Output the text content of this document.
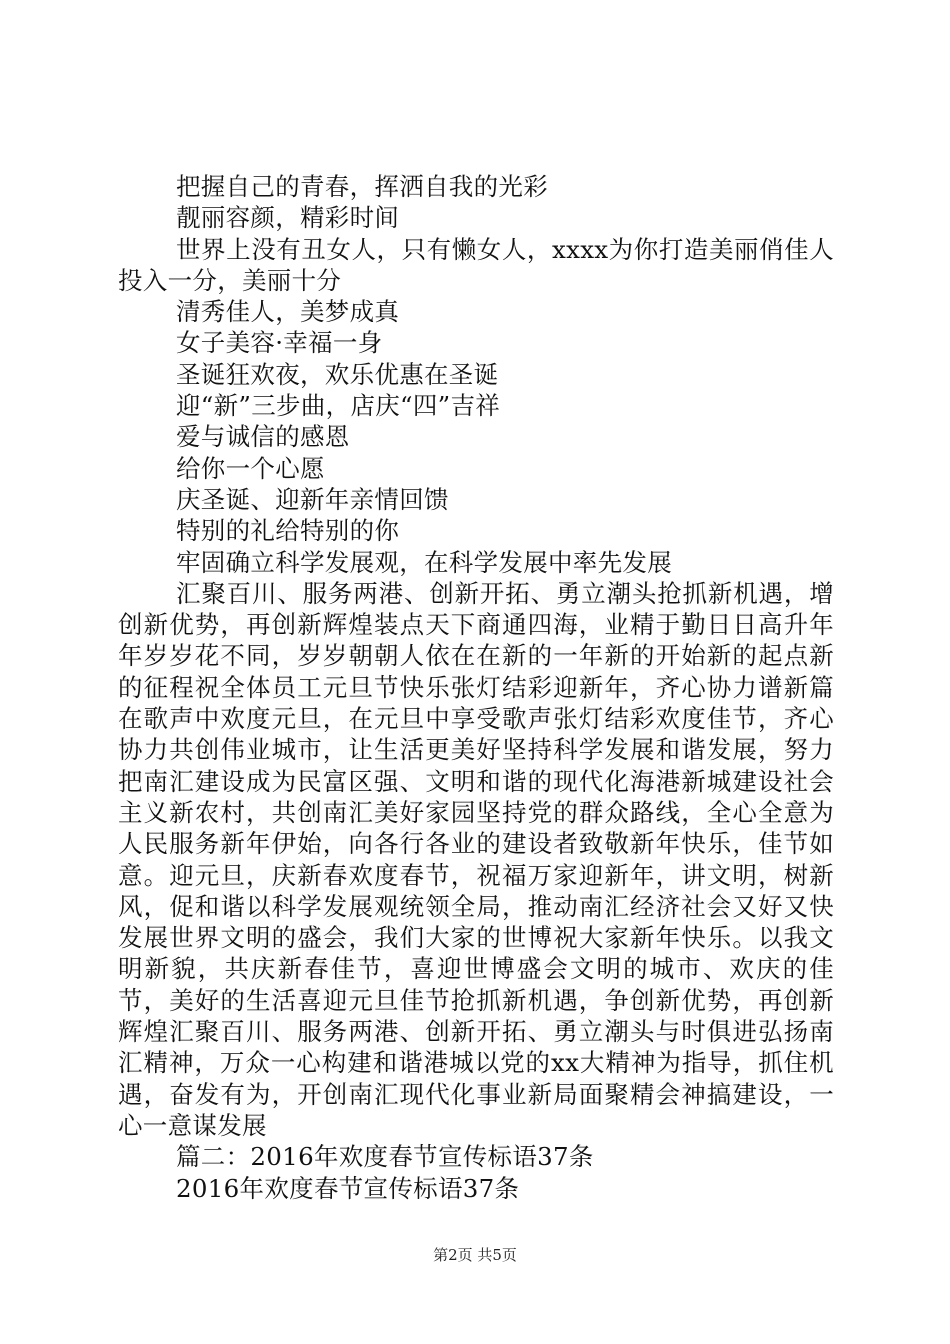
把握自己的青春，挥洒自我的光彩

靓丽容颜，精彩时间

世界上没有丑女人，只有懒女人，xxxx为你打造美丽俏佳人投入一分，美丽十分

清秀佳人，美梦成真

女子美容·幸福一身

圣诞狂欢夜，欢乐优惠在圣诞

迎“新”三步曲，店庆“四”吉祥

爱与诚信的感恩

给你一个心愿

庆圣诞、迎新年亲情回馈

特别的礼给特别的你

牢固确立科学发展观，在科学发展中率先发展

汇聚百川、服务两港、创新开拓、勇立潮头抢抓新机遇，增创新优势，再创新辉煌装点天下商通四海，业精于勤日日高升年年岁岁花不同，岁岁朝朝人依在在新的一年新的开始新的起点新的征程祝全体员工元旦节快乐张灯结彩迎新年，齐心协力谱新篇在歌声中欢度元旦，在元旦中享受歌声张灯结彩欢度佳节，齐心协力共创伟业城市，让生活更美好坚持科学发展和谐发展，努力把南汇建设成为民富区强、文明和谐的现代化海港新城建设社会主义新农村，共创南汇美好家园坚持党的群众路线，全心全意为人民服务新年伊始，向各行各业的建设者致敬新年快乐，佳节如意。迎元旦，庆新春欢度春节，祝福万家迎新年，讲文明，树新风，促和谐以科学发展观统领全局，推动南汇经济社会又好又快发展世界文明的盛会，我们大家的世博祝大家新年快乐。以我文明新貌，共庆新春佳节，喜迎世博盛会文明的城市、欢庆的佳节，美好的生活喜迎元旦佳节抢抓新机遇，争创新优势，再创新辉煌汇聚百川、服务两港、创新开拓、勇立潮头与时俱进弘扬南汇精神，万众一心构建和谐港城以党的xx大精神为指导，抓住机遇，奋发有为，开创南汇现代化事业新局面聚精会神搞建设，一心一意谋发展

篇二：2016年欢度春节宣传标语37条

2016年欢度春节宣传标语37条

第2页 共5页
